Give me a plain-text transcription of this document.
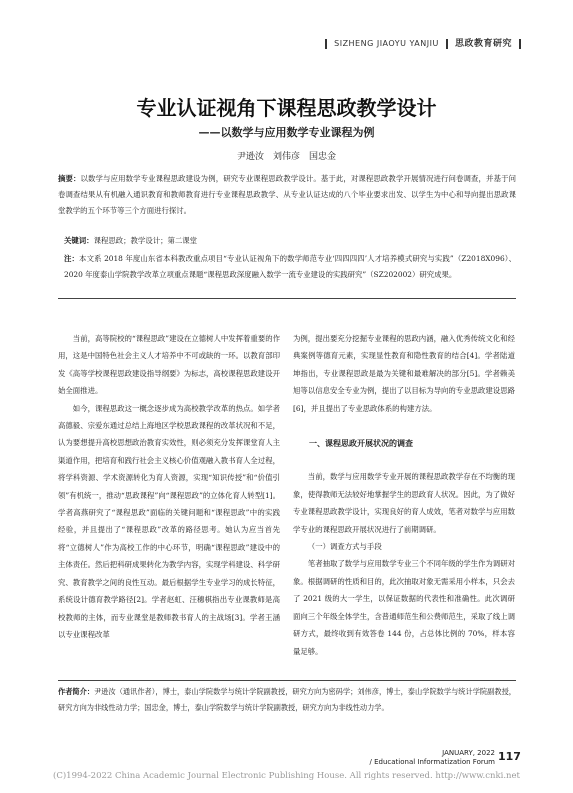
SIZHENG JIAOYU YANJIU 思政教育研究
专业认证视角下课程思政教学设计
——以数学与应用数学专业课程为例
尹逊汝　刘伟彦　国忠金
摘要：以数学与应用数学专业课程思政建设为例，研究专业课程思政教学设计。基于此，对课程思政教学开展情况进行问卷调查，并基于问卷调查结果从有机融入通识教育和教师教育进行专业课程思政教学、从专业认证达成的八个毕业要求出发、以学生为中心和导向提出思政课堂教学的五个环节等三个方面进行探讨。
关键词：课程思政；教学设计；第二课堂
注：本文系 2018 年度山东省本科教改重点项目“专业认证视角下的数学师范专业‘四四四四’人才培养模式研究与实践”（Z2018X096）、2020 年度泰山学院教学改革立项重点课题“课程思政深度融入数学一流专业建设的实践研究”（SZ202002）研究成果。

当前，高等院校的“课程思政”建设在立德树人中发挥着重要的作用，这是中国特色社会主义人才培养中不可或缺的一环。以教育部印发《高等学校课程思政建设指导纲要》为标志，高校课程思政建设开始全面推进。

如今，课程思政这一概念逐步成为高校教学改革的热点。如学者高德毅、宗爱东通过总结上海地区学校思政课程的改革状况和不足，认为要想提升高校思想政治教育实效性，则必须充分发挥课堂育人主渠道作用，把培育和践行社会主义核心价值观融入教书育人全过程，将学科资源、学术资源转化为育人资源，实现“知识传授”和“价值引领”有机统一，推动“思政课程”向“课程思政”的立体化育人转型[1]。学者高燕研究了“课程思政”面临的关键问题和“课程思政”中的实践经验，并且提出了“课程思政”改革的路径思考。她认为应当首先将“立德树人”作为高校工作的中心环节，明确“课程思政”建设中的主体责任。然后把科研成果转化为教学内容，实现学科建设、科学研究、教育教学之间的良性互动。最后根据学生专业学习的成长特征，系统设计德育教学路径[2]。学者赵虹、汪穗棋指出专业课教师是高校教师的主体，而专业课堂是教师教书育人的主战场[3]。学者王涵以专业课程改革

为例，提出要充分挖掘专业课程的思政内涵，融入优秀传统文化和经典案例等德育元素，实现显性教育和隐性教育的结合[4]。学者陆道坤指出，专业课程思政是最为关键和最难解决的部分[5]。学者赖美旭等以信息安全专业为例，提出了以目标为导向的专业思政建设思路[6]，并且提出了专业思政体系的构建方法。

一、课程思政开展状况的调查

当前，数学与应用数学专业开展的课程思政教学存在不均衡的现象，使得教师无法较好地掌握学生的思政育人状况。因此，为了做好专业课程思政教学设计，实现良好的育人成效，笔者对数学与应用数学专业的课程思政开展状况进行了前期调研。

（一）调查方式与手段

笔者抽取了数学与应用数学专业三个不同年级的学生作为调研对象。根据调研的性质和目的，此次抽取对象无需采用小样本，只会去了 2021 级的大一学生，以保证数据的代表性和准确性。此次调研面向三个年级全体学生，含普通师范生和公费师范生，采取了线上调研方式，最终收到有效答卷 144 份，占总体比例的 70%，样本容量足够。

作者简介：尹逊汝（通讯作者），博士，泰山学院数学与统计学院副教授，研究方向为密码学；刘伟彦，博士，泰山学院数学与统计学院副教授，研究方向为非线性动力学；国忠金，博士，泰山学院数学与统计学院副教授，研究方向为非线性动力学。
JANUARY, 2022
/ Educational Informatization Forum 117
(C)1994-2022 China Academic Journal Electronic Publishing House. All rights reserved. http://www.cnki.net
